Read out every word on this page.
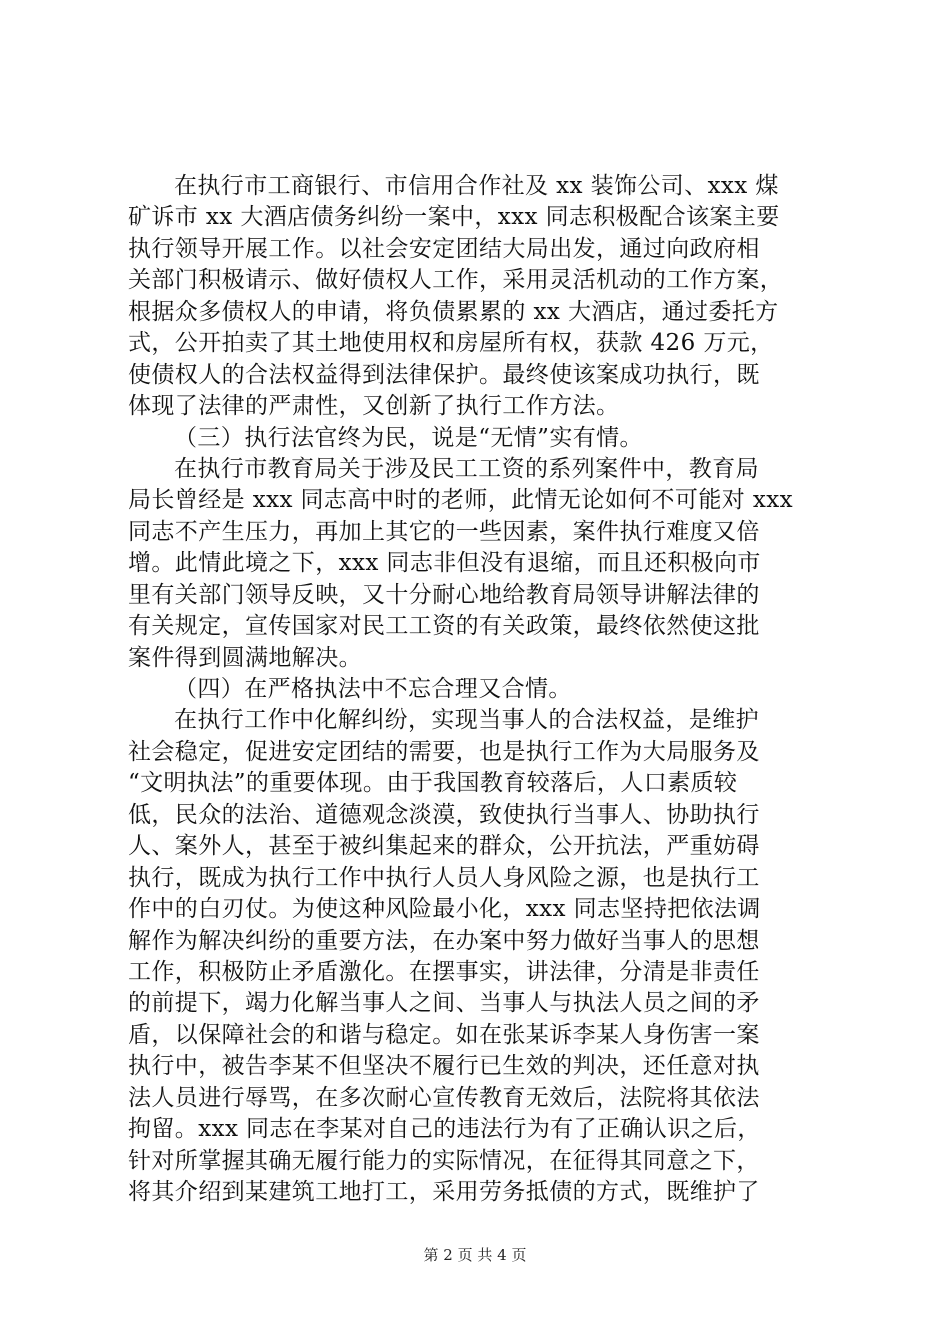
在执行市工商银行、市信用合作社及 xx 装饰公司、xxx 煤

矿诉市 xx 大酒店债务纠纷一案中，xxx 同志积极配合该案主要

执行领导开展工作。以社会安定团结大局出发，通过向政府相

关部门积极请示、做好债权人工作，采用灵活机动的工作方案，

根据众多债权人的申请，将负债累累的 xx 大酒店，通过委托方

式，公开拍卖了其土地使用权和房屋所有权，获款 426 万元，

使债权人的合法权益得到法律保护。最终使该案成功执行，既

体现了法律的严肃性，又创新了执行工作方法。

（三）执行法官终为民，说是“无情”实有情。

在执行市教育局关于涉及民工工资的系列案件中，教育局

局长曾经是 xxx 同志高中时的老师，此情无论如何不可能对 xxx

同志不产生压力，再加上其它的一些因素，案件执行难度又倍

增。此情此境之下，xxx 同志非但没有退缩，而且还积极向市

里有关部门领导反映，又十分耐心地给教育局领导讲解法律的

有关规定，宣传国家对民工工资的有关政策，最终依然使这批

案件得到圆满地解决。

（四）在严格执法中不忘合理又合情。

在执行工作中化解纠纷，实现当事人的合法权益，是维护

社会稳定，促进安定团结的需要，也是执行工作为大局服务及

“文明执法”的重要体现。由于我国教育较落后，人口素质较

低，民众的法治、道德观念淡漠，致使执行当事人、协助执行

人、案外人，甚至于被纠集起来的群众，公开抗法，严重妨碍

执行，既成为执行工作中执行人员人身风险之源，也是执行工

作中的白刃仗。为使这种风险最小化，xxx 同志坚持把依法调

解作为解决纠纷的重要方法，在办案中努力做好当事人的思想

工作，积极防止矛盾激化。在摆事实，讲法律，分清是非责任

的前提下，竭力化解当事人之间、当事人与执法人员之间的矛

盾，以保障社会的和谐与稳定。如在张某诉李某人身伤害一案

执行中，被告李某不但坚决不履行已生效的判决，还任意对执

法人员进行辱骂，在多次耐心宣传教育无效后，法院将其依法

拘留。xxx 同志在李某对自己的违法行为有了正确认识之后，

针对所掌握其确无履行能力的实际情况，在征得其同意之下，

将其介绍到某建筑工地打工，采用劳务抵债的方式，既维护了

第 2 页 共 4 页
